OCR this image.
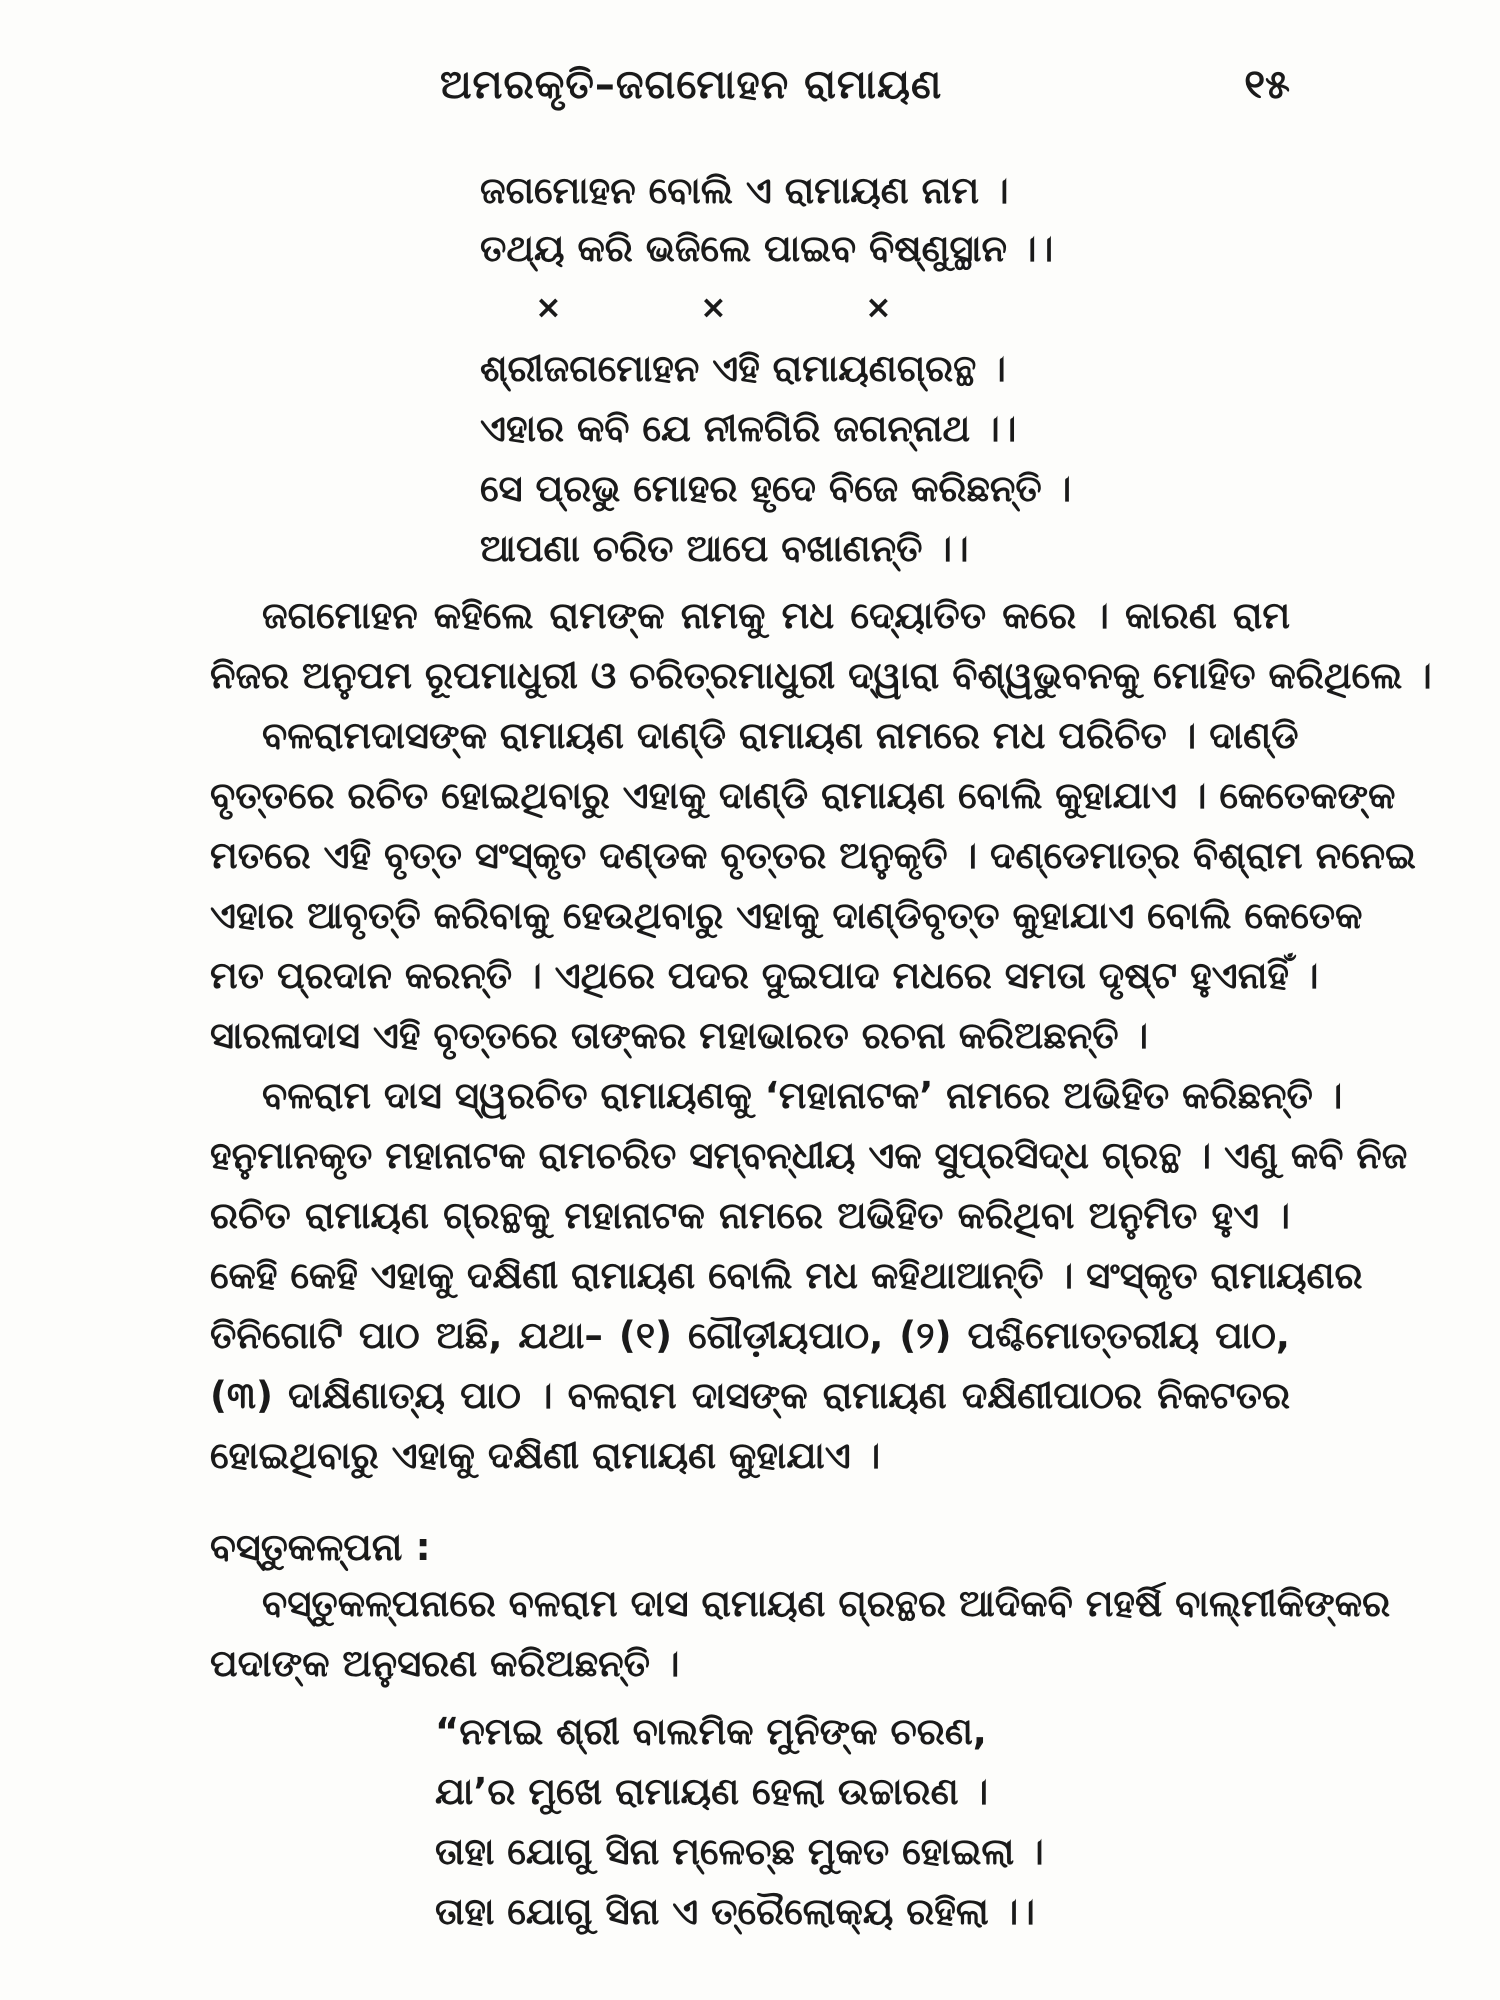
ଅମରକୃତି–ଜଗମୋହନ ରାମାୟଣ	୧୫
ଜଗମୋହନ ବୋଲି ଏ ରାମାୟଣ ନାମ ।
ତଥ୍ୟ କରି ଭଜିଲେ ପାଇବ ବିଷ୍ଣୁସ୍ଥାନ ।।
×	×	×
ଶ୍ରୀଜଗମୋହନ ଏହି ରାମାୟଣଗ୍ରନ୍ଥ ।
ଏହାର କବି ଯେ ନୀଳଗିରି ଜଗନ୍ନାଥ ।।
ସେ ପ୍ରଭୁ ମୋହର ହୃଦେ ବିଜେ କରିଛନ୍ତି ।
ଆପଣା ଚରିତ ଆପେ ବଖାଣନ୍ତି ।।
ଜଗମୋହନ କହିଲେ ରାମଙ୍କ ନାମକୁ ମଧ ଦ୍ୟୋତିତ କରେ । କାରଣ ରାମ
ନିଜର ଅନୁପମ ରୂପମାଧୁରୀ ଓ ଚରିତ୍ରମାଧୁରୀ ଦ୍ୱାରା ବିଶ୍ୱଭୁବନକୁ ମୋହିତ କରିଥିଲେ ।
ବଳରାମଦାସଙ୍କ ରାମାୟଣ ଦାଣ୍ଡି ରାମାୟଣ ନାମରେ ମଧ ପରିଚିତ । ଦାଣ୍ଡି
ବୃତ୍ତରେ ରଚିତ ହୋଇଥିବାରୁ ଏହାକୁ ଦାଣ୍ଡି ରାମାୟଣ ବୋଲି କୁହାଯାଏ । କେତେକଙ୍କ
ମତରେ ଏହି ବୃତ୍ତ ସଂସ୍କୃତ ଦଣ୍ଡକ ବୃତ୍ତର ଅନୁକୃତି । ଦଣ୍ଡେମାତ୍ର ବିଶ୍ରାମ ନନେଇ
ଏହାର ଆବୃତ୍ତି କରିବାକୁ ହେଉଥିବାରୁ ଏହାକୁ ଦାଣ୍ଡିବୃତ୍ତ କୁହାଯାଏ ବୋଲି କେତେକ
ମତ ପ୍ରଦାନ କରନ୍ତି । ଏଥିରେ ପଦର ଦୁଇପାଦ ମଧରେ ସମତା ଦୃଷ୍ଟ ହୁଏନାହିଁ ।
ସାରଳାଦାସ ଏହି ବୃତ୍ତରେ ତାଙ୍କର ମହାଭାରତ ରଚନା କରିଅଛନ୍ତି ।
ବଳରାମ ଦାସ ସ୍ୱରଚିତ ରାମାୟଣକୁ ‘ମହାନାଟକ’ ନାମରେ ଅଭିହିତ କରିଛନ୍ତି ।
ହନୁମାନକୃତ ମହାନାଟକ ରାମଚରିତ ସମ୍ବନ୍ଧୀୟ ଏକ ସୁପ୍ରସିଦ୍ଧ ଗ୍ରନ୍ଥ । ଏଣୁ କବି ନିଜ
ରଚିତ ରାମାୟଣ ଗ୍ରନ୍ଥକୁ ମହାନାଟକ ନାମରେ ଅଭିହିତ କରିଥିବା ଅନୁମିତ ହୁଏ ।
କେହି କେହି ଏହାକୁ ଦକ୍ଷିଣୀ ରାମାୟଣ ବୋଲି ମଧ କହିଥାଆନ୍ତି । ସଂସ୍କୃତ ରାମାୟଣର
ତିନିଗୋଟି ପାଠ ଅଛି, ଯଥା– (୧) ଗୌଡ଼ୀୟପାଠ, (୨) ପଶ୍ଚିମୋତ୍ତରୀୟ ପାଠ,
(୩) ଦାକ୍ଷିଣାତ୍ୟ ପାଠ । ବଳରାମ ଦାସଙ୍କ ରାମାୟଣ ଦକ୍ଷିଣୀପାଠର ନିକଟତର
ହୋଇଥିବାରୁ ଏହାକୁ ଦକ୍ଷିଣୀ ରାମାୟଣ କୁହାଯାଏ ।
ବସ୍ତୁକଳ୍ପନା :
ବସ୍ତୁକଳ୍ପନାରେ ବଳରାମ ଦାସ ରାମାୟଣ ଗ୍ରନ୍ଥର ଆଦିକବି ମହର୍ଷି ବାଲ୍ମୀକିଙ୍କର
ପଦାଙ୍କ ଅନୁସରଣ କରିଅଛନ୍ତି ।
“ନମଇ ଶ୍ରୀ ବାଲମିକ ମୁନିଙ୍କ ଚରଣ,
ଯା’ର ମୁଖେ ରାମାୟଣ ହେଲା ଉଚ୍ଚାରଣ ।
ତାହା ଯୋଗୁ ସିନା ମ୍ଳେଚ୍ଛ ମୁକତ ହୋଇଲା ।
ତାହା ଯୋଗୁ ସିନା ଏ ତ୍ରୈଲୋକ୍ୟ ରହିଲା ।।
